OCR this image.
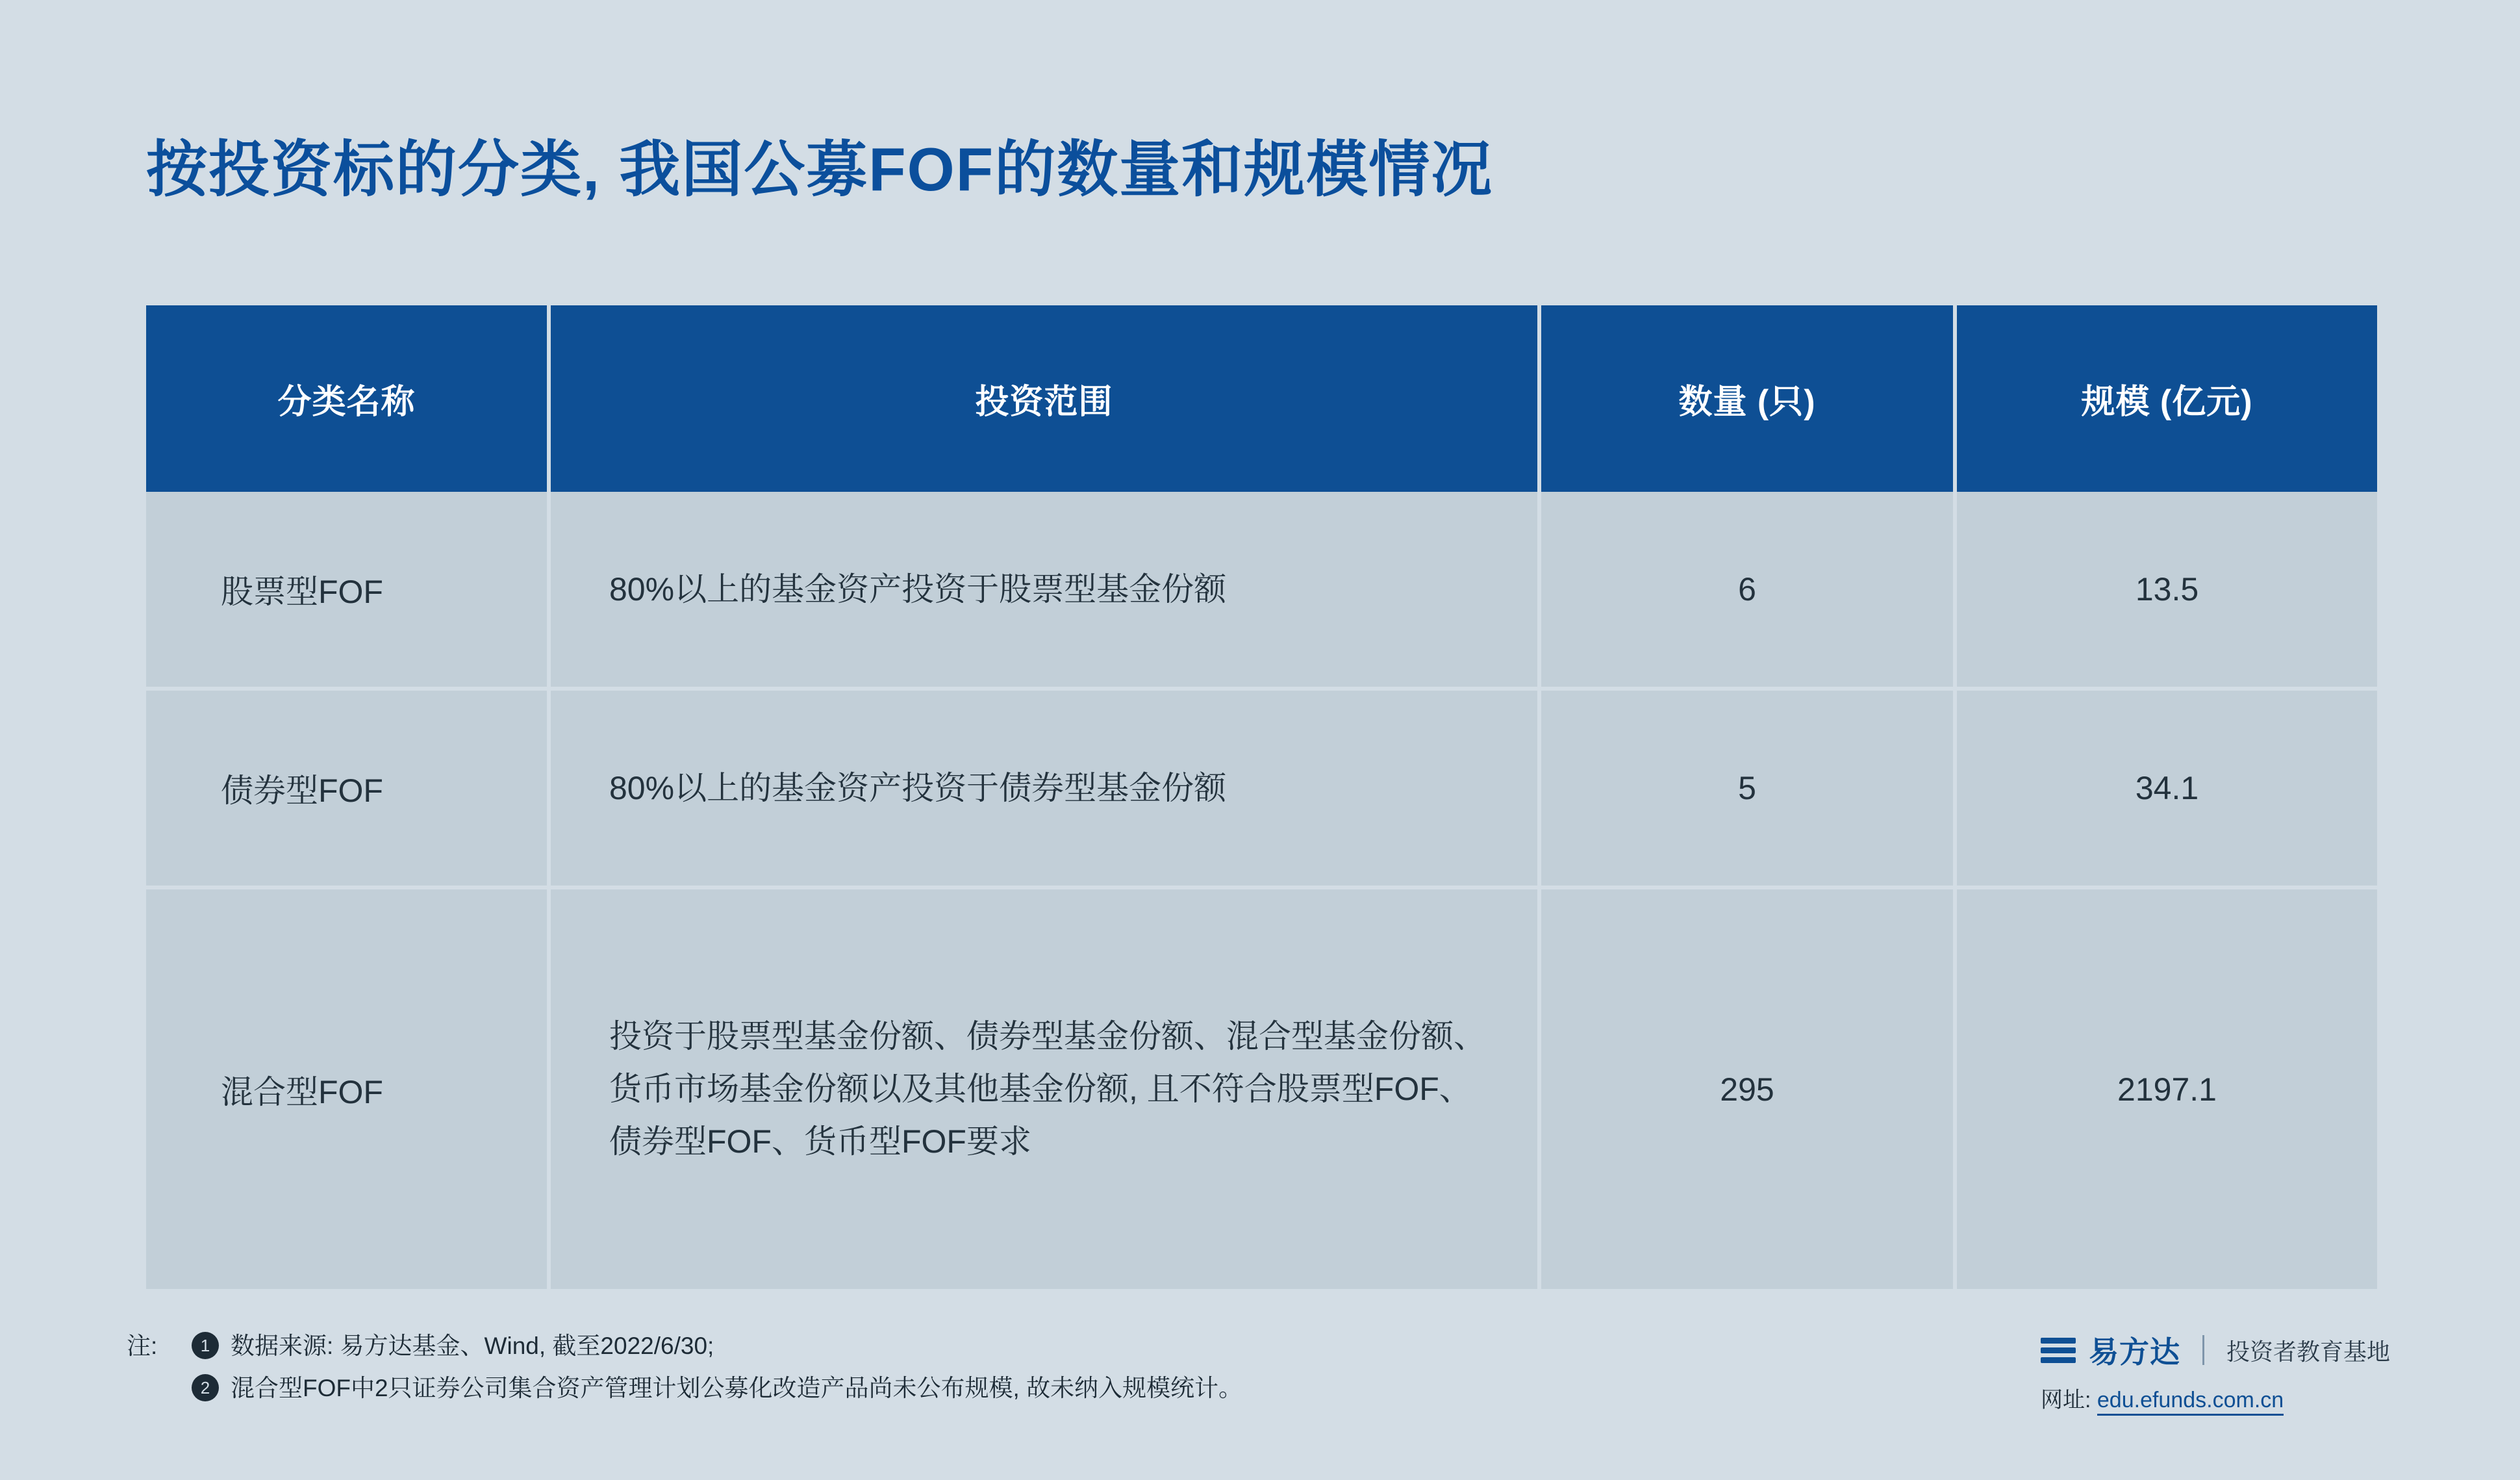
按投资标的分类, 我国公募FOF的数量和规模情况
分类名称	投资范围	数量 (只)	规模 (亿元)
股票型FOF	80%以上的基金资产投资于股票型基金份额	6	13.5
债券型FOF	80%以上的基金资产投资于债券型基金份额	5	34.1
混合型FOF	投资于股票型基金份额、债券型基金份额、混合型基金份额、货币市场基金份额以及其他基金份额, 且不符合股票型FOF、债券型FOF、货币型FOF要求	295	2197.1
注:	1 数据来源: 易方达基金、Wind, 截至2022/6/30;
2 混合型FOF中2只证券公司集合资产管理计划公募化改造产品尚未公布规模, 故未纳入规模统计。
易方达 投资者教育基地
网址: edu.efunds.com.cn
